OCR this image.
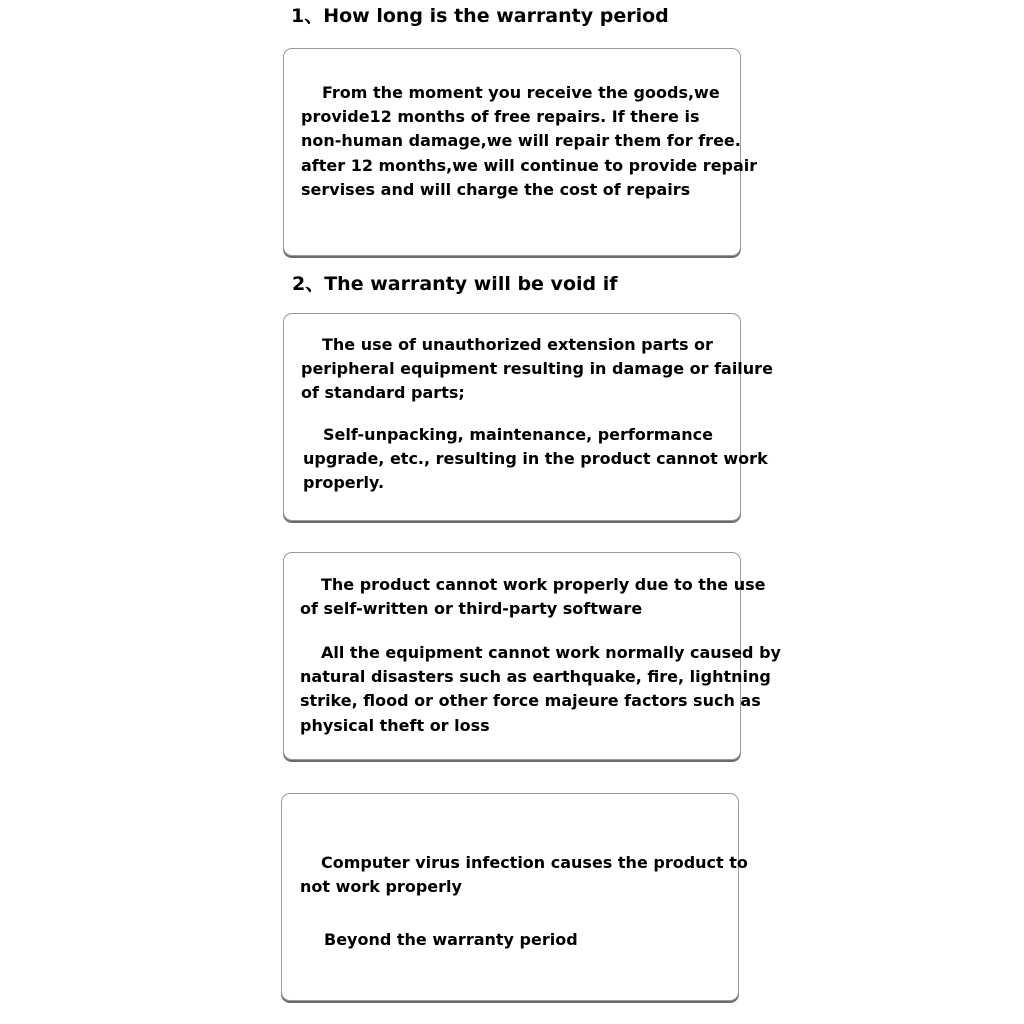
1、How long is the warranty period

From the moment you receive the goods,we
provide12 months of free repairs. If there is
non-human damage,we will repair them for free.
after 12 months,we will continue to provide repair
servises and will charge the cost of repairs

2、The warranty will be void if

The use of unauthorized extension parts or
peripheral equipment resulting in damage or failure
of standard parts;

Self-unpacking, maintenance, performance
upgrade, etc., resulting in the product cannot work
properly.

The product cannot work properly due to the use
of self-written or third-party software

All the equipment cannot work normally caused by
natural disasters such as earthquake, fire, lightning
strike, flood or other force majeure factors such as
physical theft or loss

Computer virus infection causes the product to
not work properly

Beyond the warranty period
